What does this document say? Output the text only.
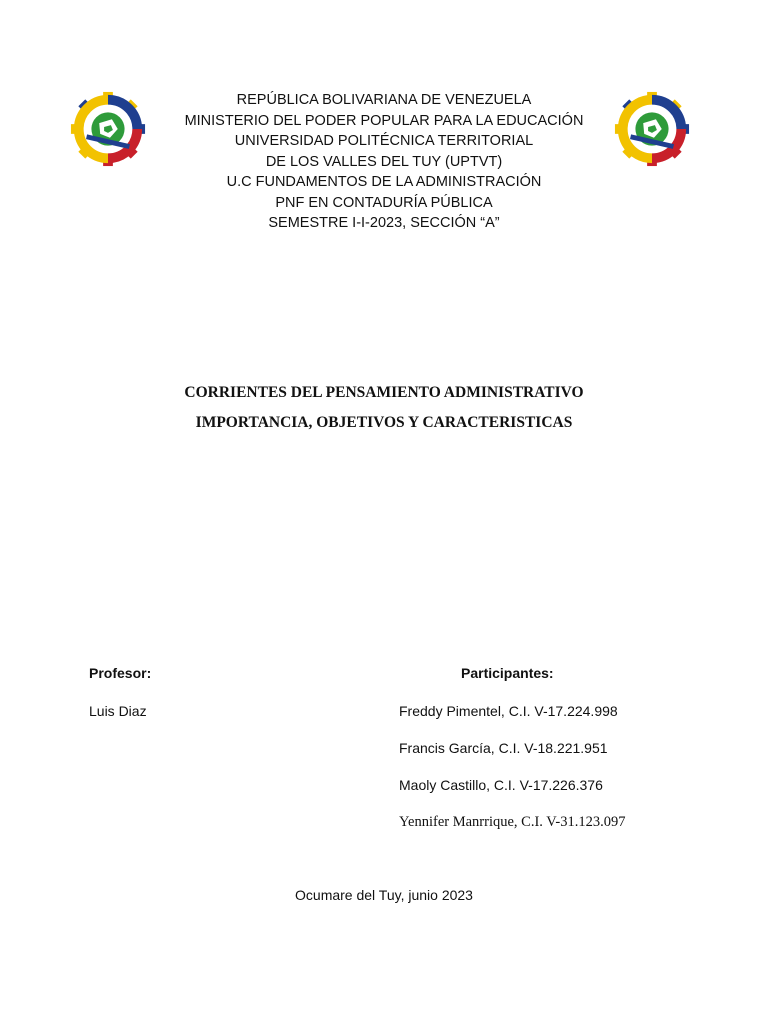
REPÚBLICA BOLIVARIANA DE VENEZUELA
MINISTERIO DEL PODER POPULAR PARA LA EDUCACIÓN
UNIVERSIDAD POLITÉCNICA TERRITORIAL
DE LOS VALLES DEL TUY (UPTVT)
U.C FUNDAMENTOS DE LA ADMINISTRACIÓN
PNF EN CONTADURÍA PÚBLICA
SEMESTRE I-I-2023, SECCIÓN “A”
CORRIENTES DEL PENSAMIENTO ADMINISTRATIVO
IMPORTANCIA, OBJETIVOS Y CARACTERISTICAS
Profesor:	Participantes:
Luis Diaz	Freddy Pimentel, C.I. V-17.224.998
Francis García, C.I. V-18.221.951
Maoly Castillo, C.I. V-17.226.376
Yennifer Manrrique, C.I. V-31.123.097
Ocumare del Tuy, junio 2023
